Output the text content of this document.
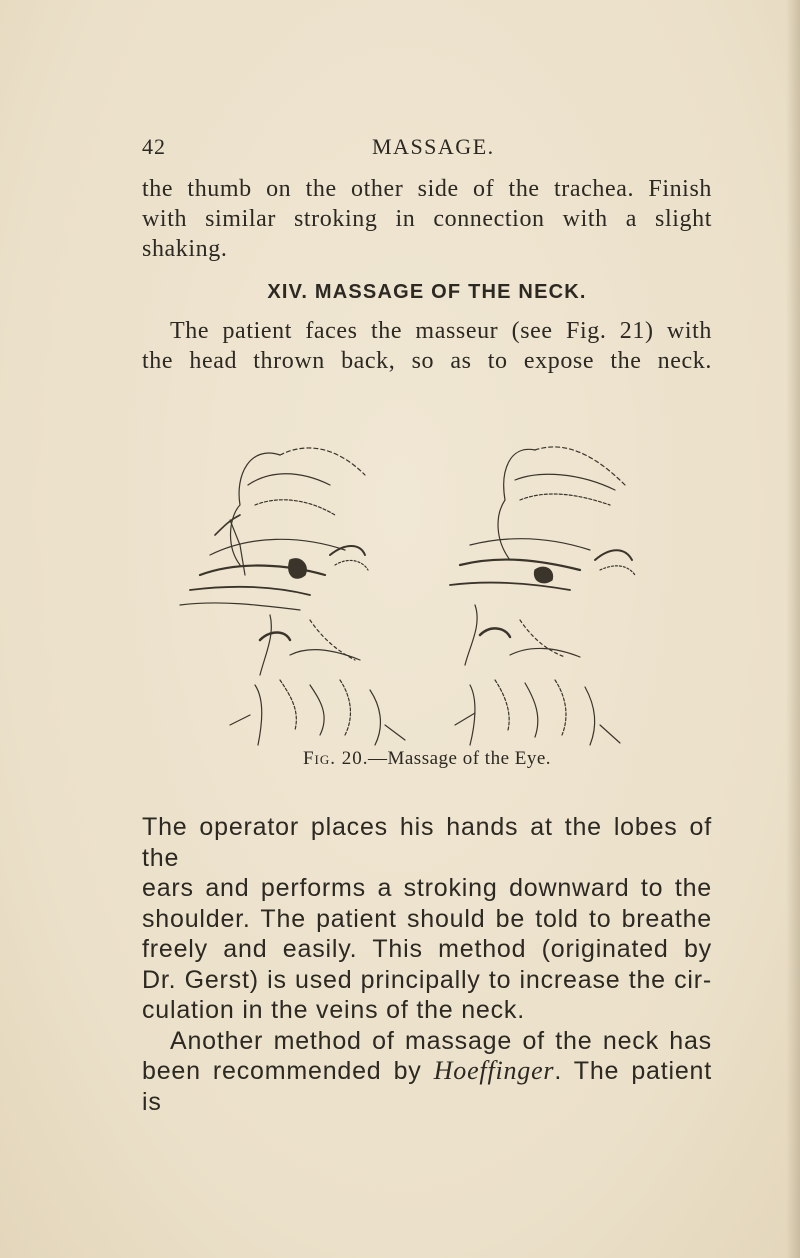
42	MASSAGE.
the thumb on the other side of the trachea. Finish
with similar stroking in connection with a slight
shaking.
XIV. MASSAGE OF THE NECK.
The patient faces the masseur (see Fig. 21) with
the head thrown back, so as to expose the neck.
Fig. 20.—Massage of the Eye.
The operator places his hands at the lobes of the
ears and performs a stroking downward to the
shoulder. The patient should be told to breathe
freely and easily. This method (originated by
Dr. Gerst) is used principally to increase the cir-
culation in the veins of the neck.
Another method of massage of the neck has
been recommended by Hoeffinger. The patient is
